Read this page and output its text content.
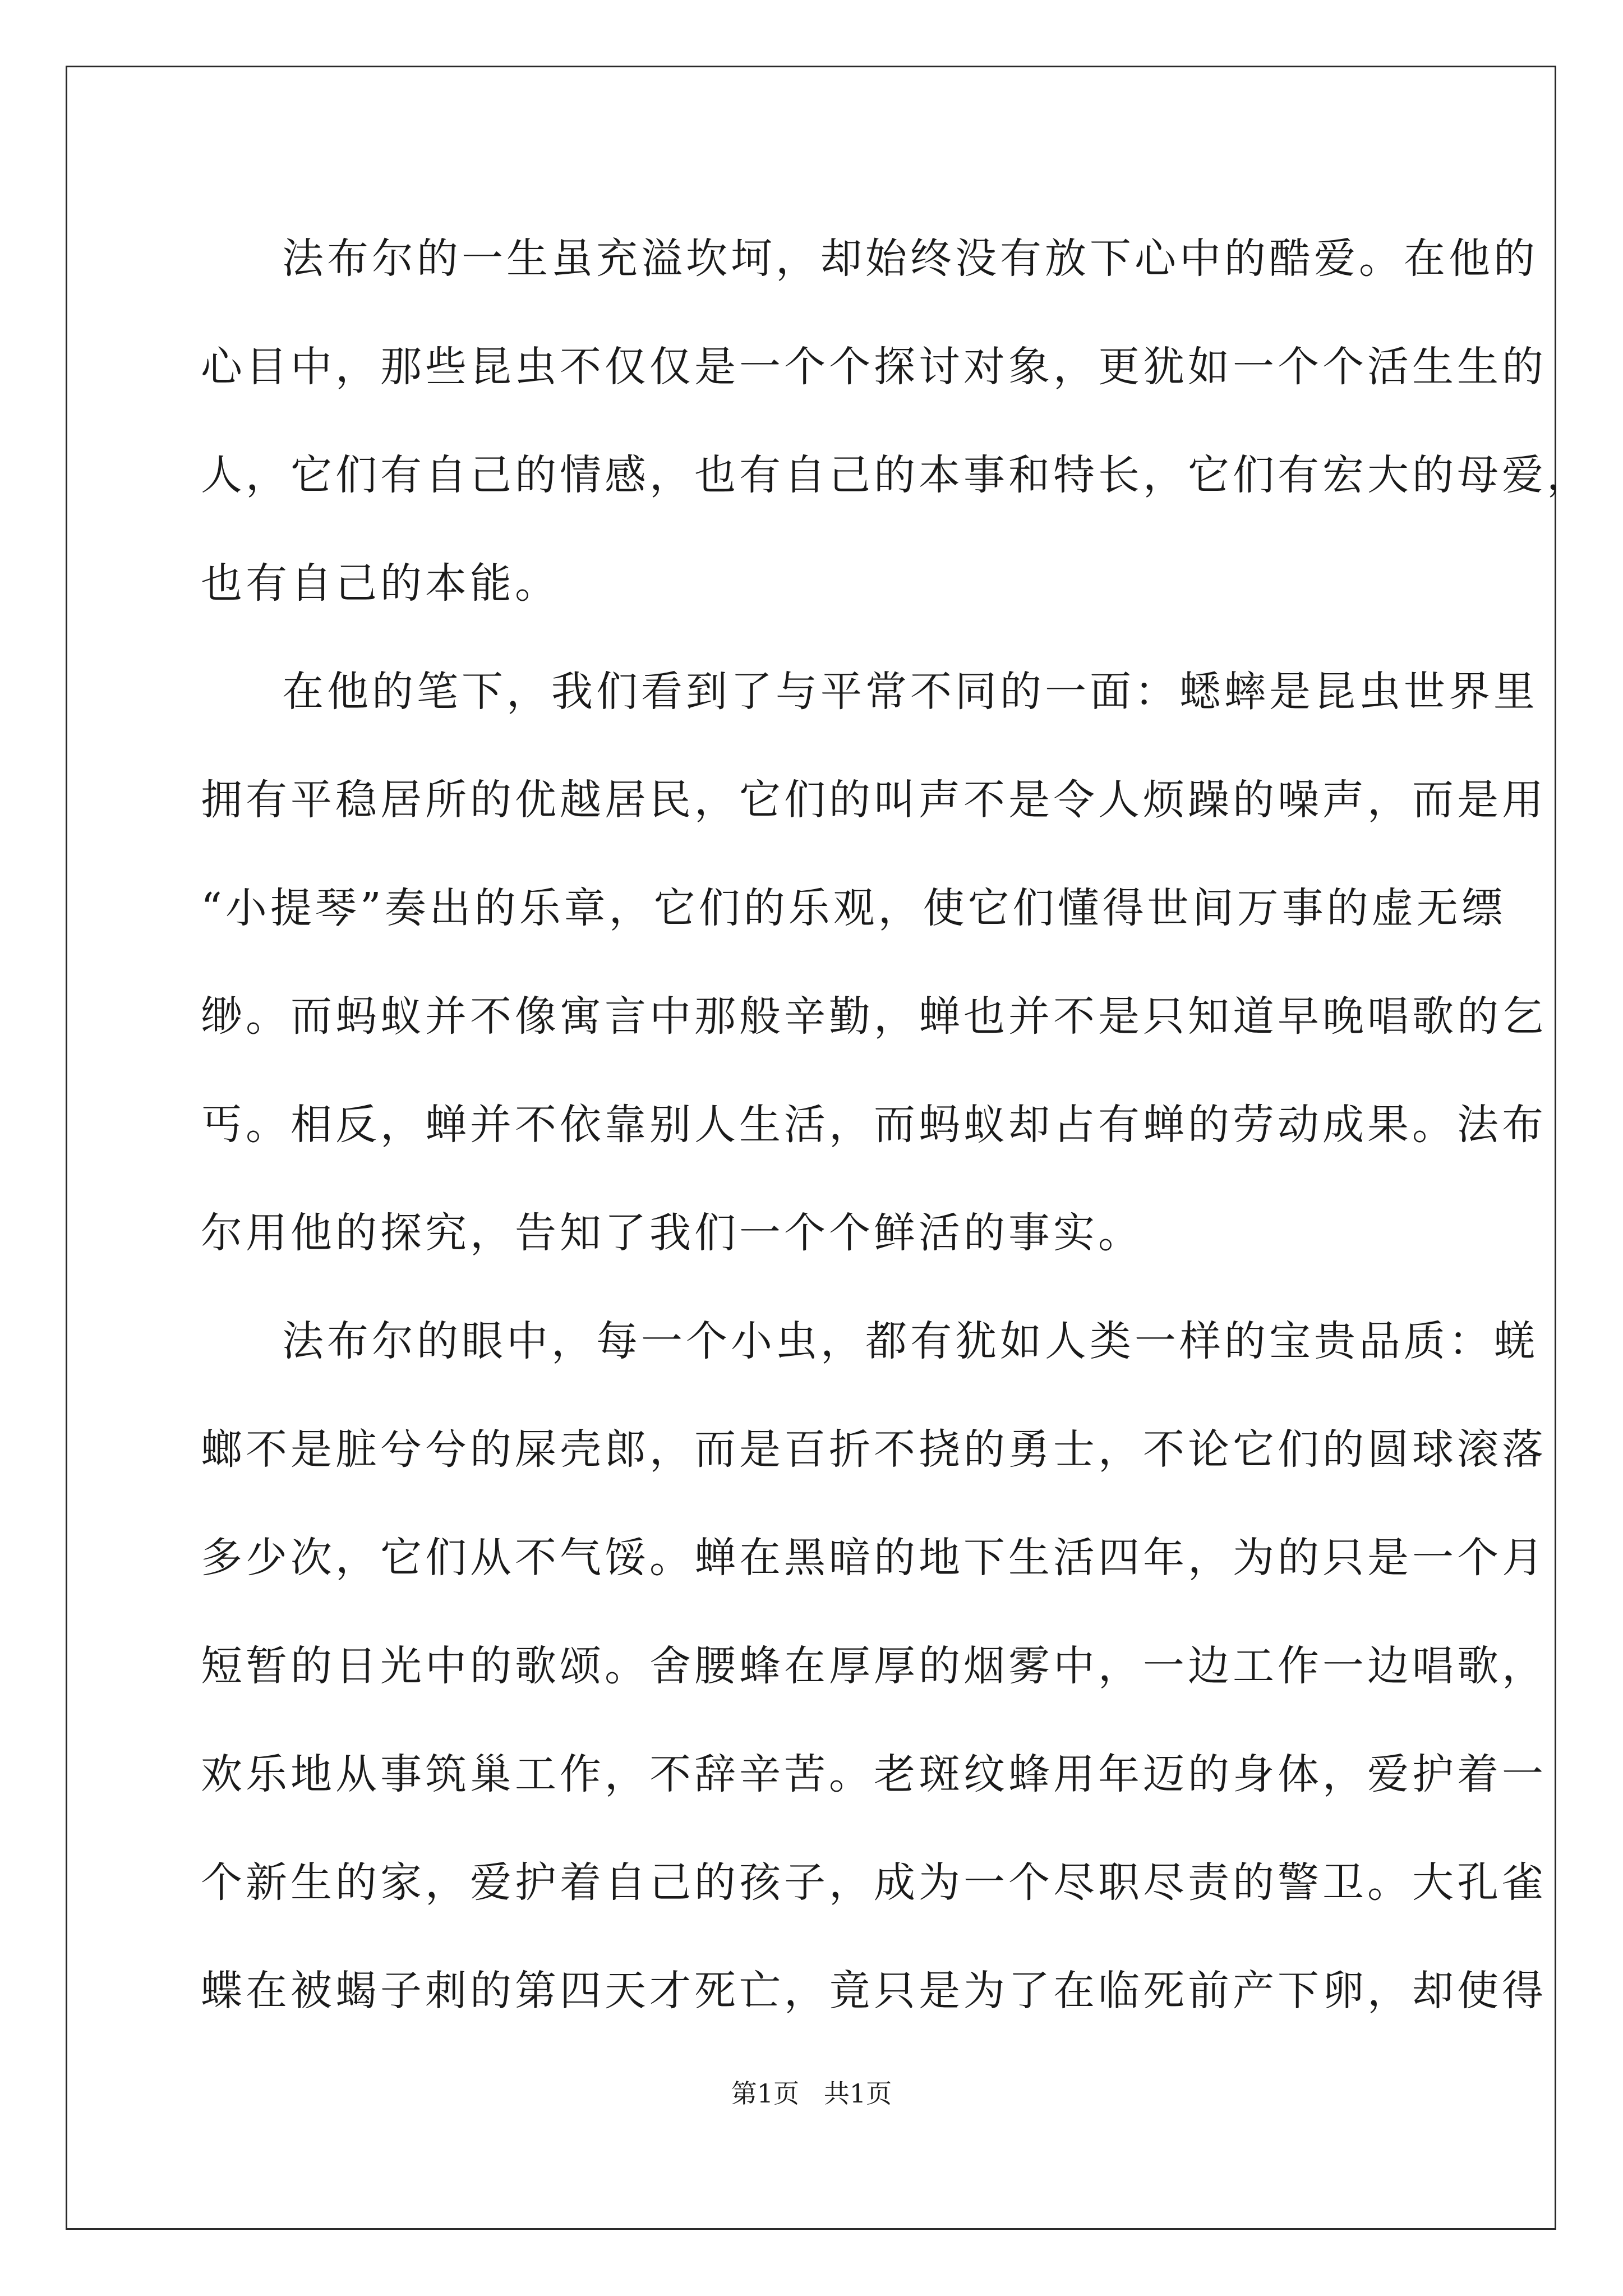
法布尔的一生虽充溢坎坷，却始终没有放下心中的酷爱。在他的
心目中，那些昆虫不仅仅是一个个探讨对象，更犹如一个个活生生的
人，它们有自己的情感，也有自己的本事和特长，它们有宏大的母爱，
也有自己的本能。
在他的笔下，我们看到了与平常不同的一面：蟋蟀是昆虫世界里
拥有平稳居所的优越居民，它们的叫声不是令人烦躁的噪声，而是用
“小提琴”奏出的乐章，它们的乐观，使它们懂得世间万事的虚无缥
缈。而蚂蚁并不像寓言中那般辛勤，蝉也并不是只知道早晚唱歌的乞
丐。相反，蝉并不依靠别人生活，而蚂蚁却占有蝉的劳动成果。法布
尔用他的探究，告知了我们一个个鲜活的事实。
法布尔的眼中，每一个小虫，都有犹如人类一样的宝贵品质：蜣
螂不是脏兮兮的屎壳郎，而是百折不挠的勇士，不论它们的圆球滚落
多少次，它们从不气馁。蝉在黑暗的地下生活四年，为的只是一个月
短暂的日光中的歌颂。舍腰蜂在厚厚的烟雾中，一边工作一边唱歌，
欢乐地从事筑巢工作，不辞辛苦。老斑纹蜂用年迈的身体，爱护着一
个新生的家，爱护着自己的孩子，成为一个尽职尽责的警卫。大孔雀
蝶在被蝎子刺的第四天才死亡，竟只是为了在临死前产下卵，却使得
第1页   共1页
